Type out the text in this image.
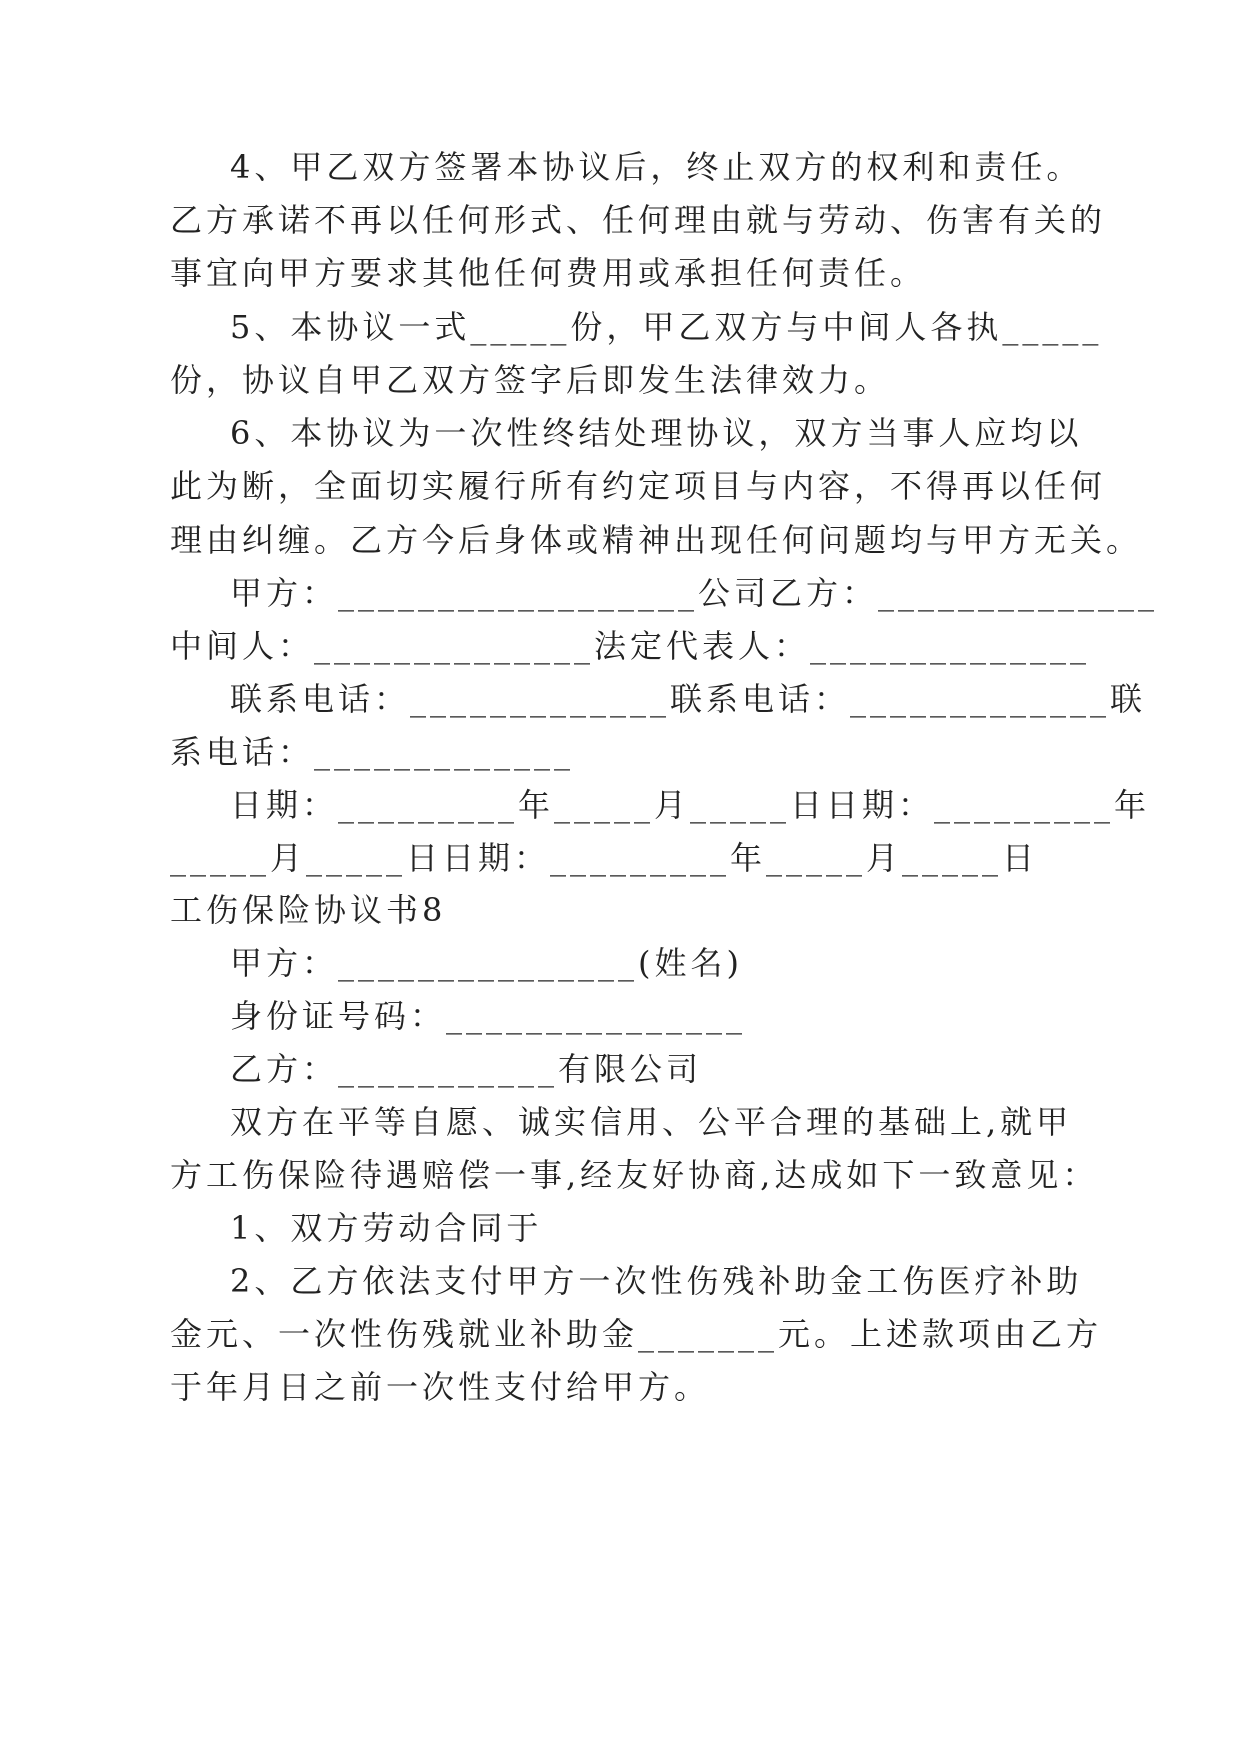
4、甲乙双方签署本协议后，终止双方的权利和责任。
乙方承诺不再以任何形式、任何理由就与劳动、伤害有关的
事宜向甲方要求其他任何费用或承担任何责任。
5、本协议一式_____份，甲乙双方与中间人各执_____
份，协议自甲乙双方签字后即发生法律效力。
6、本协议为一次性终结处理协议，双方当事人应均以
此为断，全面切实履行所有约定项目与内容，不得再以任何
理由纠缠。乙方今后身体或精神出现任何问题均与甲方无关。
甲方：__________________公司乙方：______________
中间人：______________法定代表人：______________
联系电话：_____________联系电话：_____________联
系电话：_____________
日期：_________年_____月_____日日期：_________年
_____月_____日日期：_________年_____月_____日
工伤保险协议书8
甲方：_______________(姓名)
身份证号码：_______________
乙方：___________有限公司
双方在平等自愿、诚实信用、公平合理的基础上,就甲
方工伤保险待遇赔偿一事,经友好协商,达成如下一致意见：
1、双方劳动合同于
2、乙方依法支付甲方一次性伤残补助金工伤医疗补助
金元、一次性伤残就业补助金_______元。上述款项由乙方
于年月日之前一次性支付给甲方。
